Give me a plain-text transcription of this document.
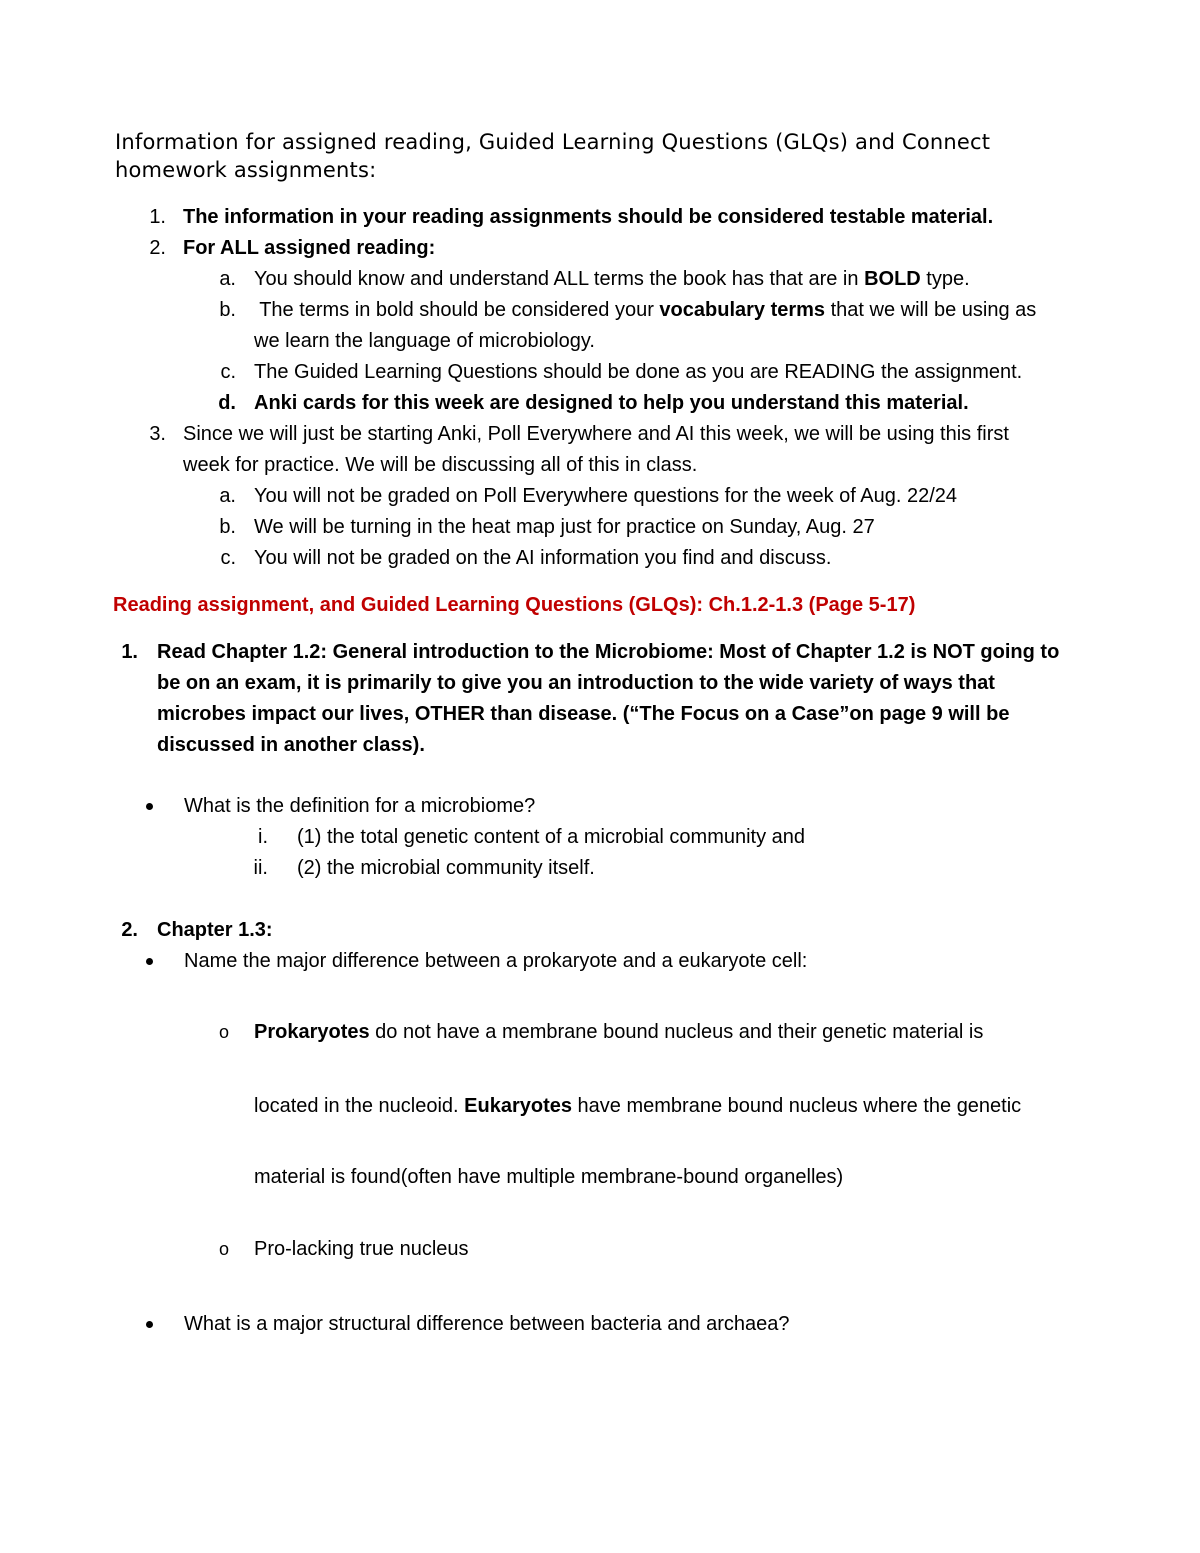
Information for assigned reading, Guided Learning Questions (GLQs) and Connect
homework assignments:
1. The information in your reading assignments should be considered testable material.
2. For ALL assigned reading:
a. You should know and understand ALL terms the book has that are in BOLD type.
b. The terms in bold should be considered your vocabulary terms that we will be using as
we learn the language of microbiology.
c. The Guided Learning Questions should be done as you are READING the assignment.
d. Anki cards for this week are designed to help you understand this material.
3. Since we will just be starting Anki, Poll Everywhere and AI this week, we will be using this first
week for practice. We will be discussing all of this in class.
a. You will not be graded on Poll Everywhere questions for the week of Aug. 22/24
b. We will be turning in the heat map just for practice on Sunday, Aug. 27
c. You will not be graded on the AI information you find and discuss.
Reading assignment, and Guided Learning Questions (GLQs): Ch.1.2-1.3 (Page 5-17)
1. Read Chapter 1.2: General introduction to the Microbiome: Most of Chapter 1.2 is NOT going to
be on an exam, it is primarily to give you an introduction to the wide variety of ways that
microbes impact our lives, OTHER than disease. (“The Focus on a Case”on page 9 will be
discussed in another class).
What is the definition for a microbiome?
i. (1) the total genetic content of a microbial community and
ii. (2) the microbial community itself.
2. Chapter 1.3:
Name the major difference between a prokaryote and a eukaryote cell:
o Prokaryotes do not have a membrane bound nucleus and their genetic material is
located in the nucleoid. Eukaryotes have membrane bound nucleus where the genetic
material is found(often have multiple membrane-bound organelles)
o Pro-lacking true nucleus
What is a major structural difference between bacteria and archaea?
